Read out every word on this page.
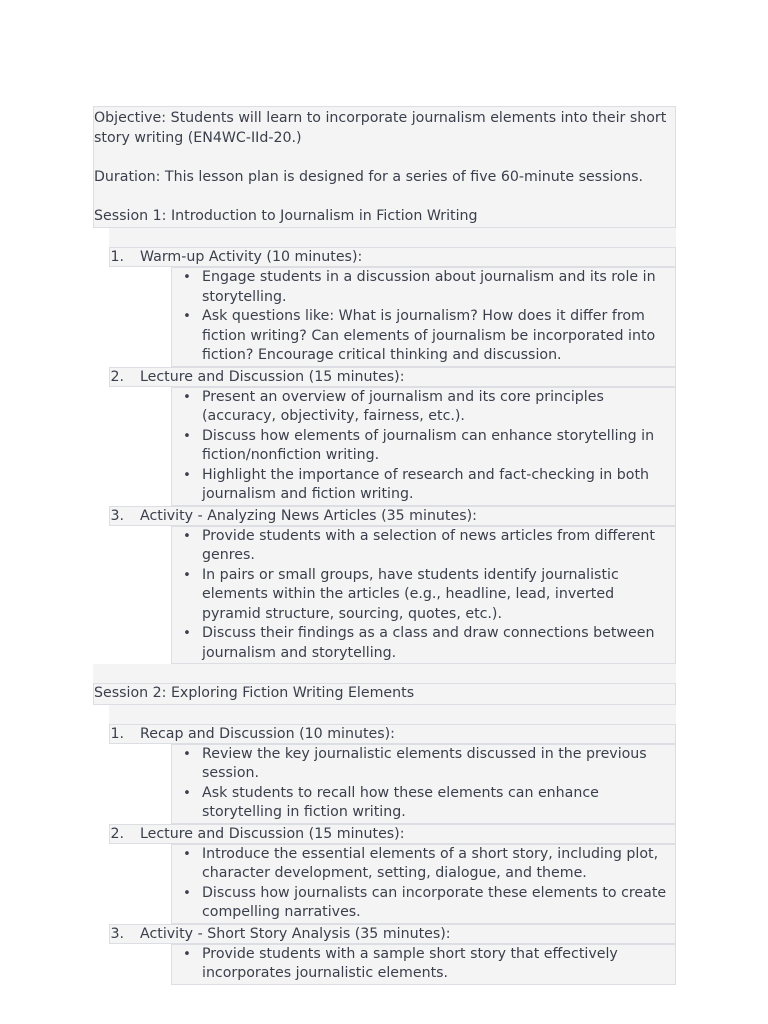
Objective: Students will learn to incorporate journalism elements into their short story writing (EN4WC-IId-20.)

Duration: This lesson plan is designed for a series of five 60-minute sessions.

Session 1: Introduction to Journalism in Fiction Writing

1.	Warm-up Activity (10 minutes):
• Engage students in a discussion about journalism and its role in storytelling.
• Ask questions like: What is journalism? How does it differ from fiction writing? Can elements of journalism be incorporated into fiction? Encourage critical thinking and discussion.
2.	Lecture and Discussion (15 minutes):
• Present an overview of journalism and its core principles (accuracy, objectivity, fairness, etc.).
• Discuss how elements of journalism can enhance storytelling in fiction/nonfiction writing.
• Highlight the importance of research and fact-checking in both journalism and fiction writing.
3.	Activity - Analyzing News Articles (35 minutes):
• Provide students with a selection of news articles from different genres.
• In pairs or small groups, have students identify journalistic elements within the articles (e.g., headline, lead, inverted pyramid structure, sourcing, quotes, etc.).
• Discuss their findings as a class and draw connections between journalism and storytelling.
Session 2: Exploring Fiction Writing Elements
1.	Recap and Discussion (10 minutes):
• Review the key journalistic elements discussed in the previous session.
• Ask students to recall how these elements can enhance storytelling in fiction writing.
2.	Lecture and Discussion (15 minutes):
• Introduce the essential elements of a short story, including plot, character development, setting, dialogue, and theme.
• Discuss how journalists can incorporate these elements to create compelling narratives.
3.	Activity - Short Story Analysis (35 minutes):
• Provide students with a sample short story that effectively incorporates journalistic elements.
